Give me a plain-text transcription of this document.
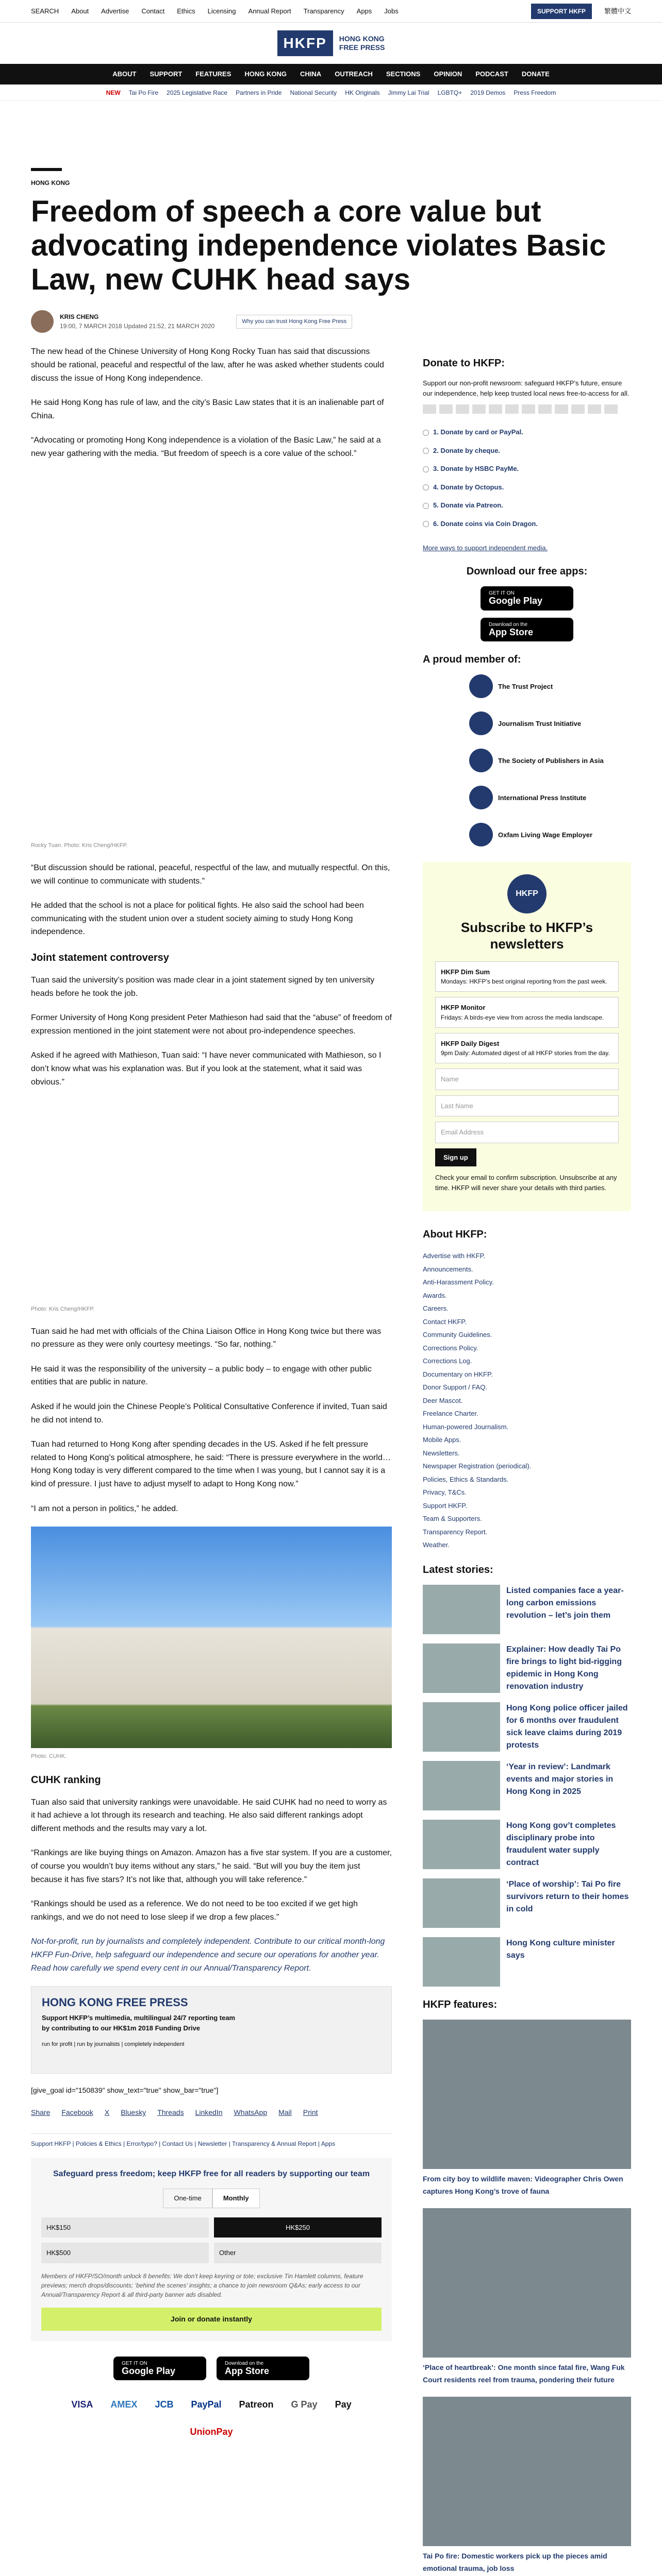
SEARCH About Advertise Contact Ethics Licensing Annual Report Transparency Apps Jobs	SUPPORT HKFP	繁體中文
HKFP	HONG KONG
FREE PRESS
ABOUT SUPPORT FEATURES HONG KONG CHINA OUTREACH SECTIONS OPINION PODCAST DONATE
NEW Tai Po Fire 2025 Legislative Race Partners in Pride National Security HK Originals Jimmy Lai Trial LGBTQ+ 2019 Demos Press Freedom
HONG KONG
Freedom of speech a core value but advocating independence violates Basic Law, new CUHK head says
KRIS CHENG
19:00, 7 MARCH 2018 Updated 21:52, 21 MARCH 2020
Why you can trust Hong Kong Free Press

The new head of the Chinese University of Hong Kong Rocky Tuan has said that discussions should be rational, peaceful and respectful of the law, after he was asked whether students could discuss the issue of Hong Kong independence.

He said Hong Kong has rule of law, and the city’s Basic Law states that it is an inalienable part of China.

“Advocating or promoting Hong Kong independence is a violation of the Basic Law,” he said at a new year gathering with the media. “But freedom of speech is a core value of the school.”

Rocky Tuan. Photo: Kris Cheng/HKFP.

“But discussion should be rational, peaceful, respectful of the law, and mutually respectful. On this, we will continue to communicate with students.”

He added that the school is not a place for political fights. He also said the school had been communicating with the student union over a student society aiming to study Hong Kong independence.

Joint statement controversy

Tuan said the university’s position was made clear in a joint statement signed by ten university heads before he took the job.

Former University of Hong Kong president Peter Mathieson had said that the “abuse” of freedom of expression mentioned in the joint statement were not about pro-independence speeches.

Asked if he agreed with Mathieson, Tuan said: “I have never communicated with Mathieson, so I don’t know what was his explanation was. But if you look at the statement, what it said was obvious.”

Photo: Kris Cheng/HKFP.

Tuan said he had met with officials of the China Liaison Office in Hong Kong twice but there was no pressure as they were only courtesy meetings. “So far, nothing.”

He said it was the responsibility of the university – a public body – to engage with other public entities that are public in nature.

Asked if he would join the Chinese People’s Political Consultative Conference if invited, Tuan said he did not intend to.

Tuan had returned to Hong Kong after spending decades in the US. Asked if he felt pressure related to Hong Kong’s political atmosphere, he said: “There is pressure everywhere in the world… Hong Kong today is very different compared to the time when I was young, but I cannot say it is a kind of pressure. I just have to adjust myself to adapt to Hong Kong now.”

“I am not a person in politics,” he added.

Photo: CUHK.
CUHK ranking

Tuan also said that university rankings were unavoidable. He said CUHK had no need to worry as it had achieve a lot through its research and teaching. He also said different rankings adopt different methods and the results may vary a lot.

“Rankings are like buying things on Amazon. Amazon has a five star system. If you are a customer, of course you wouldn’t buy items without any stars,” he said. “But will you buy the item just because it has five stars? It’s not like that, although you will take reference.”

“Rankings should be used as a reference. We do not need to be too excited if we get high rankings, and we do not need to lose sleep if we drop a few places.”

Not-for-profit, run by journalists and completely independent. Contribute to our critical month-long HKFP Fun-Drive, help safeguard our independence and secure our operations for another year. Read how carefully we spend every cent in our Annual/Transparency Report.

HONG KONG FREE PRESS
Support HKFP’s multimedia, multilingual 24/7 reporting team by contributing to our HK$1m 2018 Funding Drive
run for profit | run by journalists | completely independent
[give_goal id="150839" show_text="true" show_bar="true"]
Share Facebook X Bluesky Threads LinkedIn WhatsApp Mail Print
Support HKFP | Policies & Ethics | Error/typo? | Contact Us | Newsletter | Transparency & Annual Report | Apps
Safeguard press freedom; keep HKFP free for all readers by supporting our team
One-time	Monthly
HK$150	HK$250
HK$500	Other
Members of HKFP/SO/month unlock 8 benefits: We don’t keep keyring or tote; exclusive Tin Hamlett columns, feature previews; merch drops/discounts; ‘behind the scenes’ insights; a chance to join newsroom Q&As; early access to our Annual/Transparency Report & all third-party banner ads disabled.
Join or donate instantly
GET IT ON
Google Play
Download on the
App Store
VISA	AMEX	JCB	PayPal	Patreon	G Pay	Pay
UnionPay
Donate to HKFP:

Support our non-profit newsroom: safeguard HKFP’s future, ensure our independence, help keep trusted local news free-to-access for all.

1. Donate by card or PayPal.
2. Donate by cheque.
3. Donate by HSBC PayMe.
4. Donate by Octopus.
5. Donate via Patreon.
6. Donate coins via Coin Dragon.

More ways to support independent media.

Download our free apps:
GET IT ON
Google Play
Download on the
App Store
A proud member of:
The Trust Project
Journalism Trust Initiative
The Society of Publishers in Asia
International Press Institute
Oxfam Living Wage Employer
HKFP
Subscribe to HKFP’s newsletters
HKFP Dim Sum
Mondays: HKFP’s best original reporting from the past week.
HKFP Monitor
Fridays: A birds-eye view from across the media landscape.
HKFP Daily Digest
9pm Daily: Automated digest of all HKFP stories from the day.
Name
Last Name
Email Address
Sign up

Check your email to confirm subscription. Unsubscribe at any time. HKFP will never share your details with third parties.

About HKFP:
Advertise with HKFP.
Announcements.
Anti-Harassment Policy.
Awards.
Careers.
Contact HKFP.
Community Guidelines.
Corrections Policy.
Corrections Log.
Documentary on HKFP.
Donor Support / FAQ.
Deer Mascot.
Freelance Charter.
Human-powered Journalism.
Mobile Apps.
Newsletters.
Newspaper Registration (periodical).
Policies, Ethics & Standards.
Privacy, T&Cs.
Support HKFP.
Team & Supporters.
Transparency Report.
Weather.
Latest stories:
Listed companies face a year-long carbon emissions revolution – let’s join them
Explainer: How deadly Tai Po fire brings to light bid-rigging epidemic in Hong Kong renovation industry
Hong Kong police officer jailed for 6 months over fraudulent sick leave claims during 2019 protests
‘Year in review’: Landmark events and major stories in Hong Kong in 2025
Hong Kong gov’t completes disciplinary probe into fraudulent water supply contract
‘Place of worship’: Tai Po fire survivors return to their homes in cold
Hong Kong culture minister says
HKFP features:
From city boy to wildlife maven: Videographer Chris Owen captures Hong Kong’s trove of fauna
‘Place of heartbreak’: One month since fatal fire, Wang Fuk Court residents reel from trauma, pondering their future
Tai Po fire: Domestic workers pick up the pieces amid emotional trauma, job loss
